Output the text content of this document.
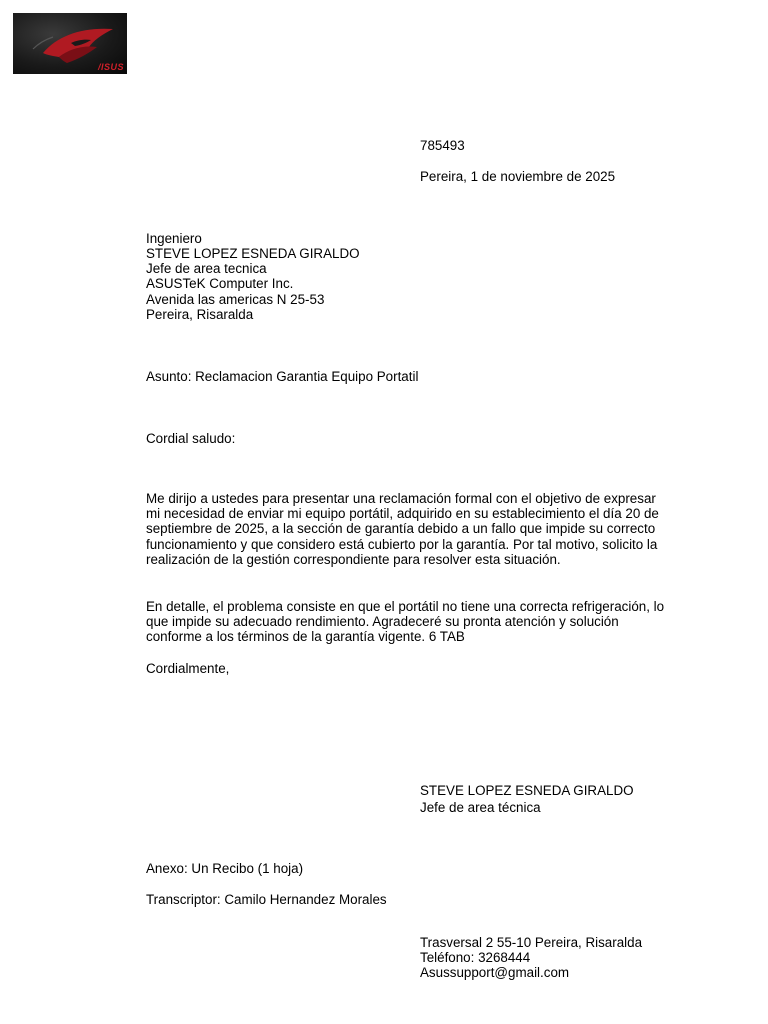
/ISUS
785493
Pereira, 1 de noviembre de 2025
Ingeniero
STEVE LOPEZ ESNEDA GIRALDO
Jefe de area tecnica
ASUSTeK Computer Inc.
Avenida las americas N 25-53
Pereira, Risaralda
Asunto: Reclamacion Garantia Equipo Portatil
Cordial saludo:

Me dirijo a ustedes para presentar una reclamación formal con el objetivo de expresar mi necesidad de enviar mi equipo portátil, adquirido en su establecimiento el día 20 de septiembre de 2025, a la sección de garantía debido a un fallo que impide su correcto funcionamiento y que considero está cubierto por la garantía. Por tal motivo, solicito la realización de la gestión correspondiente para resolver esta situación.

En detalle, el problema consiste en que el portátil no tiene una correcta refrigeración, lo que impide su adecuado rendimiento. Agradeceré su pronta atención y solución conforme a los términos de la garantía vigente. 6 TAB

Cordialmente,
STEVE LOPEZ ESNEDA GIRALDO
Jefe de area técnica
Anexo: Un Recibo (1 hoja)
Transcriptor: Camilo Hernandez Morales
Trasversal 2 55-10 Pereira, Risaralda
Teléfono: 3268444
Asussupport@gmail.com
